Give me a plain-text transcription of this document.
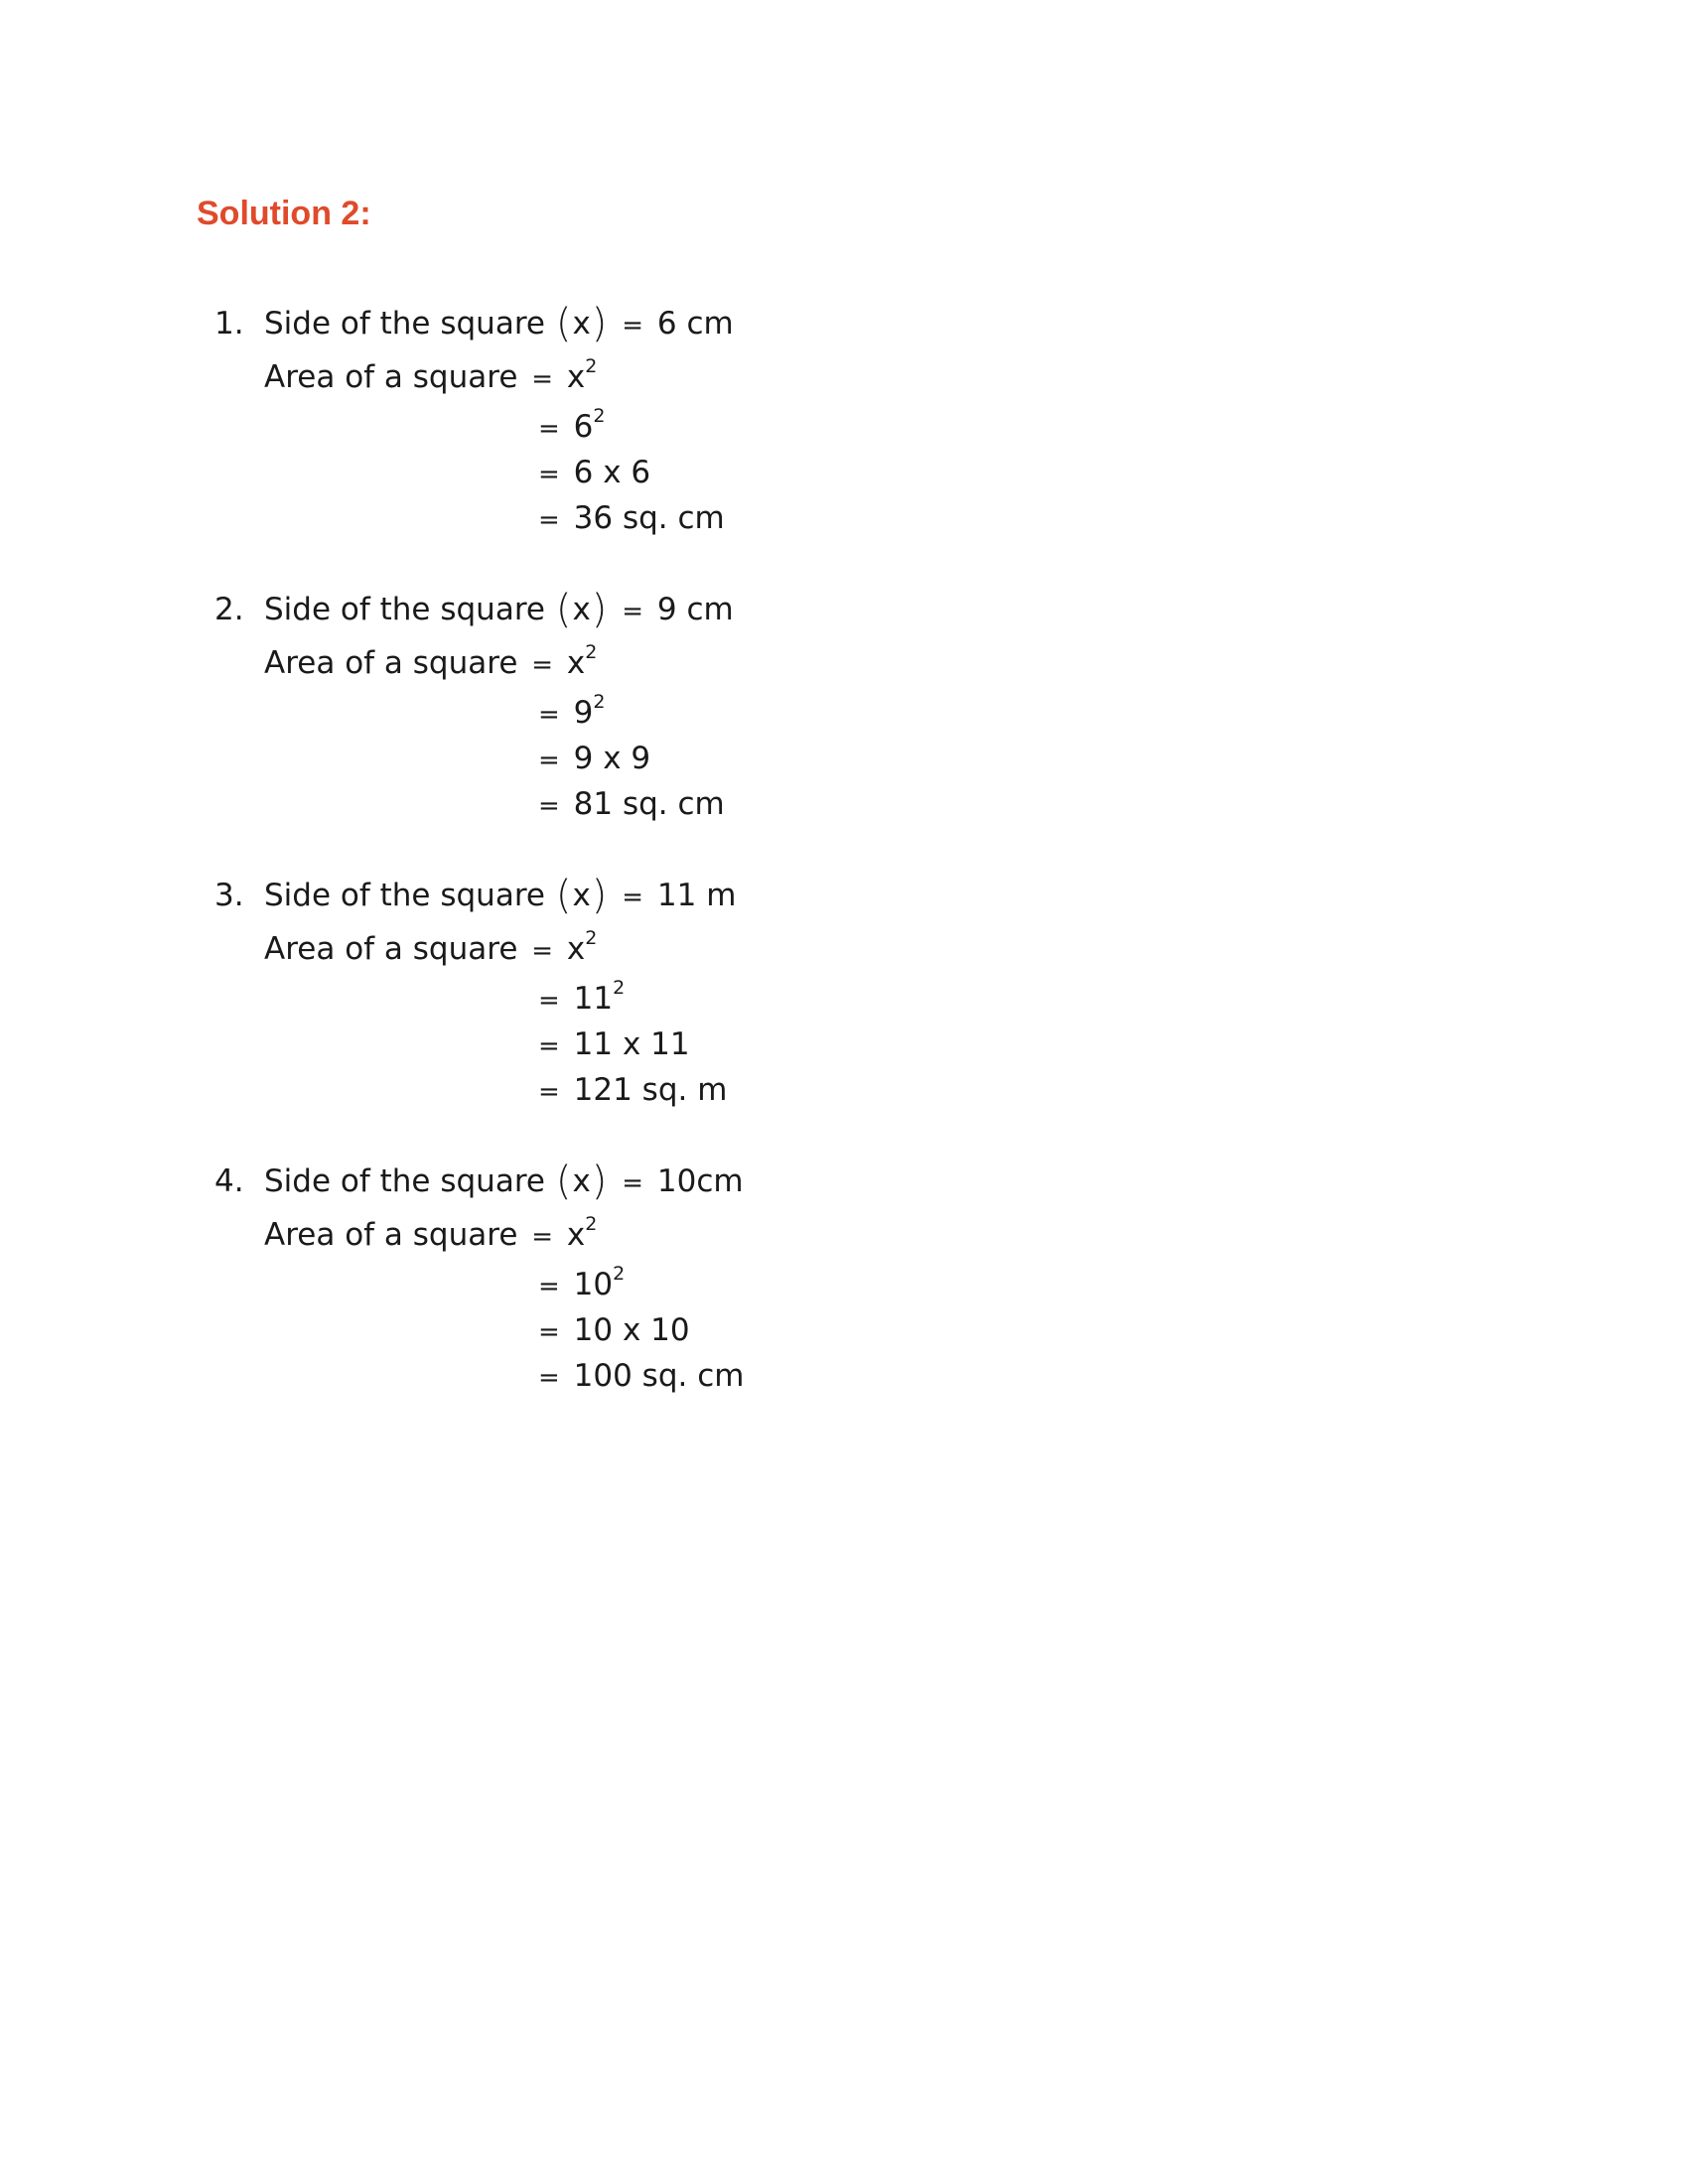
Solution 2:
1. Side of the square (x) = 6 cm
Area of a square = $x^2$
= $6^2$
= 6 x 6
= 36 sq. cm
2. Side of the square (x) = 9 cm
Area of a square = $x^2$
= $9^2$
= 9 x 9
= 81 sq. cm
3. Side of the square (x) = 11 m
Area of a square = $x^2$
= $11^2$
= 11 x 11
= 121 sq. m
4. Side of the square (x) = 10cm
Area of a square = $x^2$
= $10^2$
= 10 x 10
= 100 sq. cm
